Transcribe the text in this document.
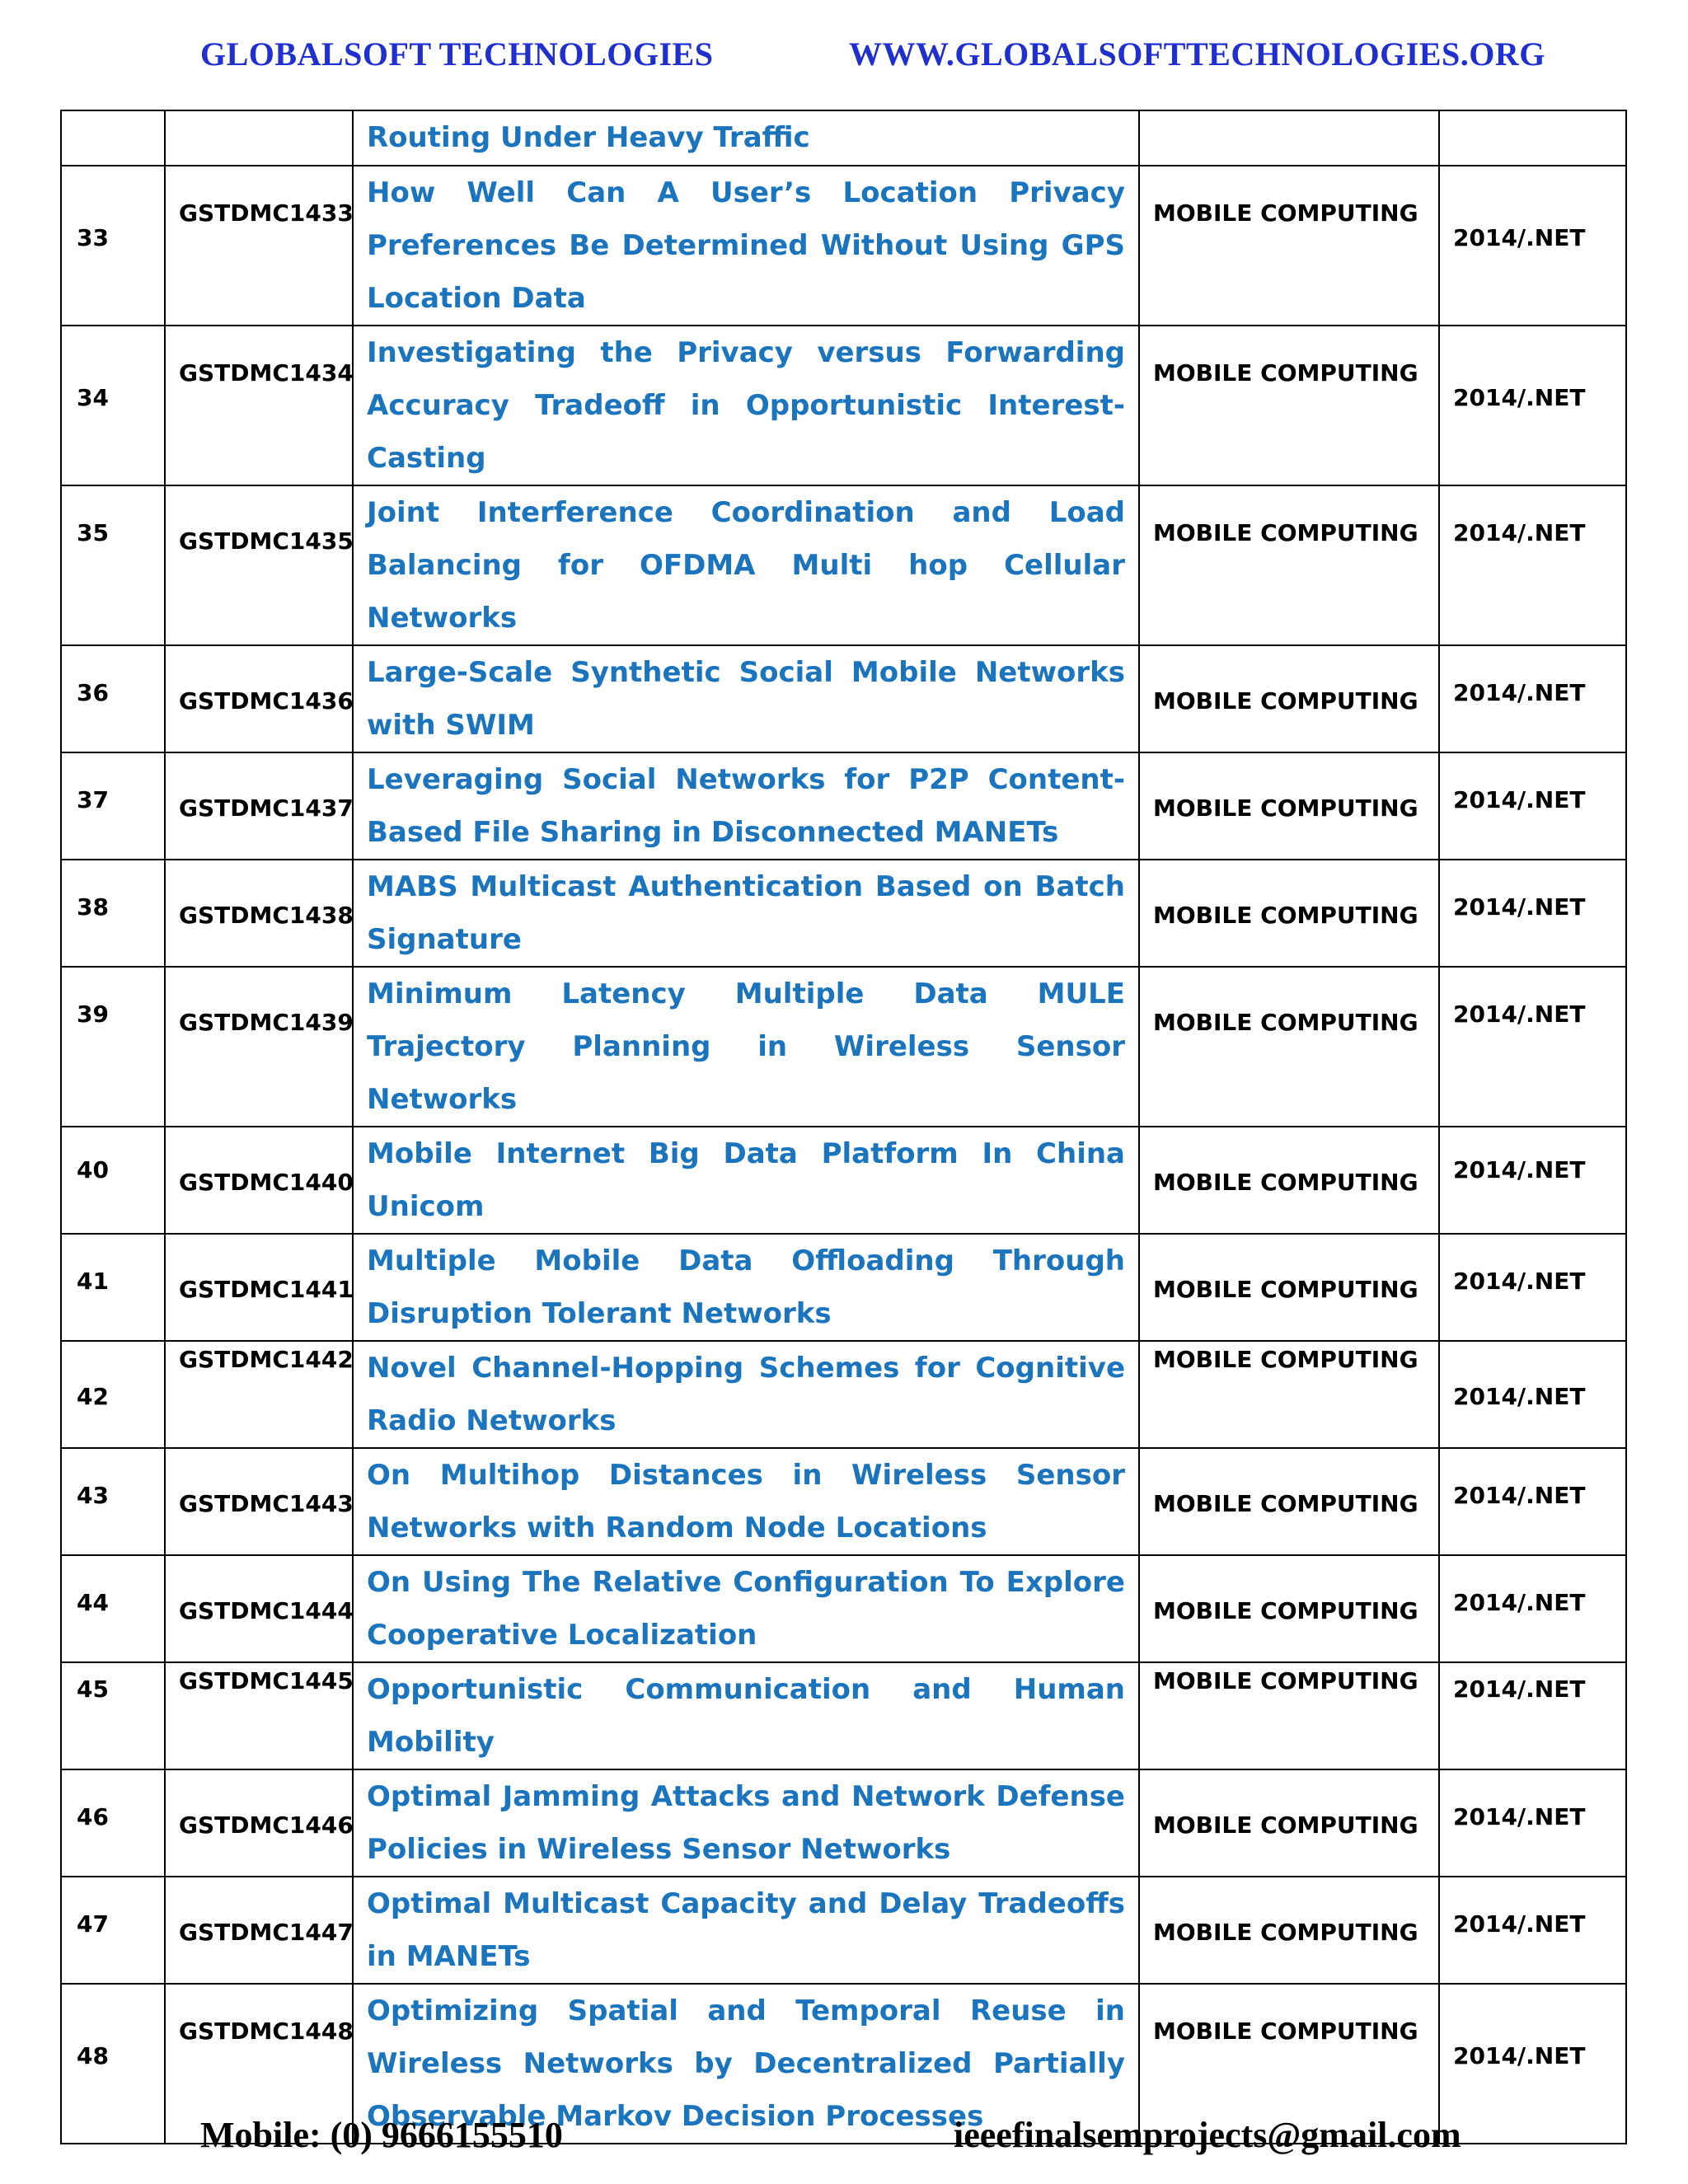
GLOBALSOFT TECHNOLOGIES	WWW.GLOBALSOFTTECHNOLOGIES.ORG

		Routing Under Heavy Traffic		

33	GSTDMC1433	How Well Can A User’s Location Privacy Preferences Be Determined Without Using GPS Location Data	MOBILE COMPUTING	2014/.NET

34	GSTDMC1434	Investigating the Privacy versus Forwarding Accuracy Tradeoff in Opportunistic Interest-Casting	MOBILE COMPUTING	2014/.NET

35	GSTDMC1435	Joint Interference Coordination and Load Balancing for OFDMA Multi hop Cellular Networks	MOBILE COMPUTING	2014/.NET

36	GSTDMC1436	Large-Scale Synthetic Social Mobile Networks with SWIM	MOBILE COMPUTING	2014/.NET

37	GSTDMC1437	Leveraging Social Networks for P2P Content-Based File Sharing in Disconnected MANETs	MOBILE COMPUTING	2014/.NET

38	GSTDMC1438	MABS Multicast Authentication Based on Batch Signature	MOBILE COMPUTING	2014/.NET

39	GSTDMC1439	Minimum Latency Multiple Data MULE Trajectory Planning in Wireless Sensor Networks	MOBILE COMPUTING	2014/.NET

40	GSTDMC1440	Mobile Internet Big Data Platform In China Unicom	MOBILE COMPUTING	2014/.NET

41	GSTDMC1441	Multiple Mobile Data Offloading Through Disruption Tolerant Networks	MOBILE COMPUTING	2014/.NET

42	GSTDMC1442	Novel Channel-Hopping Schemes for Cognitive Radio Networks	MOBILE COMPUTING	2014/.NET

43	GSTDMC1443	On Multihop Distances in Wireless Sensor Networks with Random Node Locations	MOBILE COMPUTING	2014/.NET

44	GSTDMC1444	On Using The Relative Configuration To Explore Cooperative Localization	MOBILE COMPUTING	2014/.NET

45	GSTDMC1445	Opportunistic Communication and Human Mobility	MOBILE COMPUTING	2014/.NET

46	GSTDMC1446	Optimal Jamming Attacks and Network Defense Policies in Wireless Sensor Networks	MOBILE COMPUTING	2014/.NET

47	GSTDMC1447	Optimal Multicast Capacity and Delay Tradeoffs in MANETs	MOBILE COMPUTING	2014/.NET

48	GSTDMC1448	Optimizing Spatial and Temporal Reuse in Wireless Networks by Decentralized Partially Observable Markov Decision Processes	MOBILE COMPUTING	2014/.NET
Mobile: (0) 9666155510	ieeefinalsemprojects@gmail.com
